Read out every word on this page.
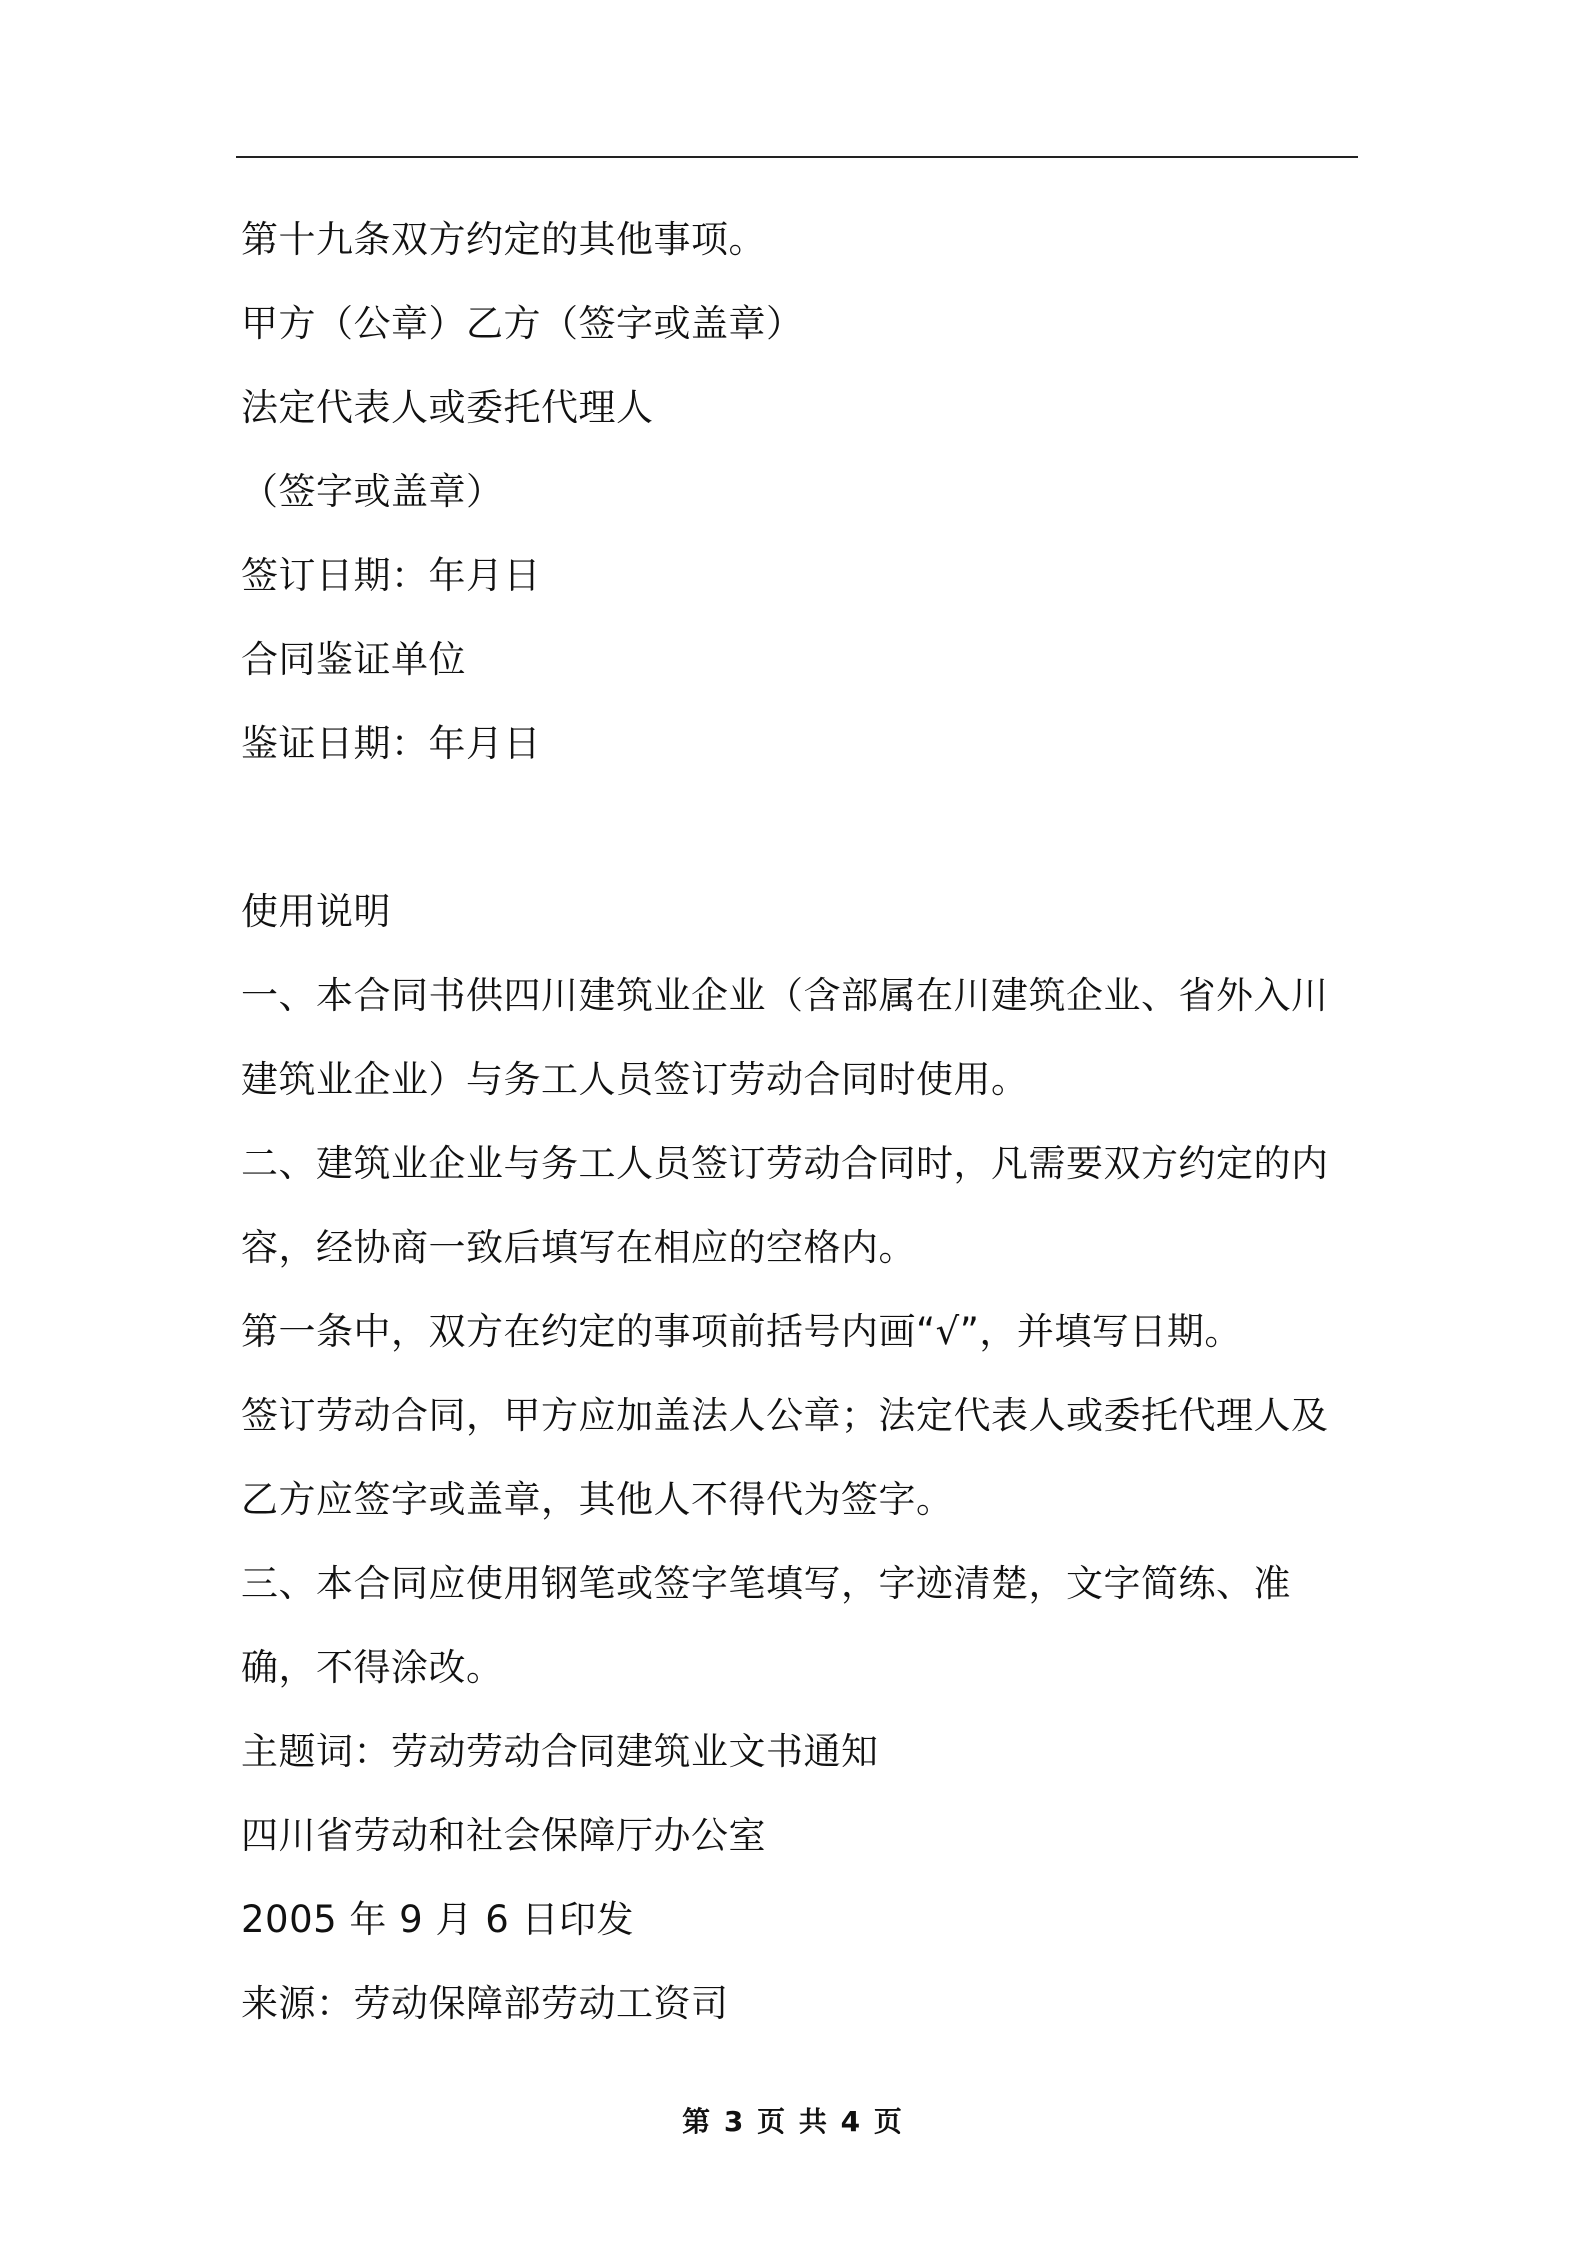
第十九条双方约定的其他事项。

甲方（公章）乙方（签字或盖章）

法定代表人或委托代理人

（签字或盖章）

签订日期：年月日

合同鉴证单位

鉴证日期：年月日

使用说明

一、本合同书供四川建筑业企业（含部属在川建筑企业、省外入川建筑业企业）与务工人员签订劳动合同时使用。

二、建筑业企业与务工人员签订劳动合同时，凡需要双方约定的内容，经协商一致后填写在相应的空格内。

第一条中，双方在约定的事项前括号内画“√”，并填写日期。

签订劳动合同，甲方应加盖法人公章；法定代表人或委托代理人及乙方应签字或盖章，其他人不得代为签字。

三、本合同应使用钢笔或签字笔填写，字迹清楚，文字简练、准确，不得涂改。

主题词：劳动劳动合同建筑业文书通知

四川省劳动和社会保障厅办公室

2005 年 9 月 6 日印发

来源：劳动保障部劳动工资司

第 3 页 共 4 页
